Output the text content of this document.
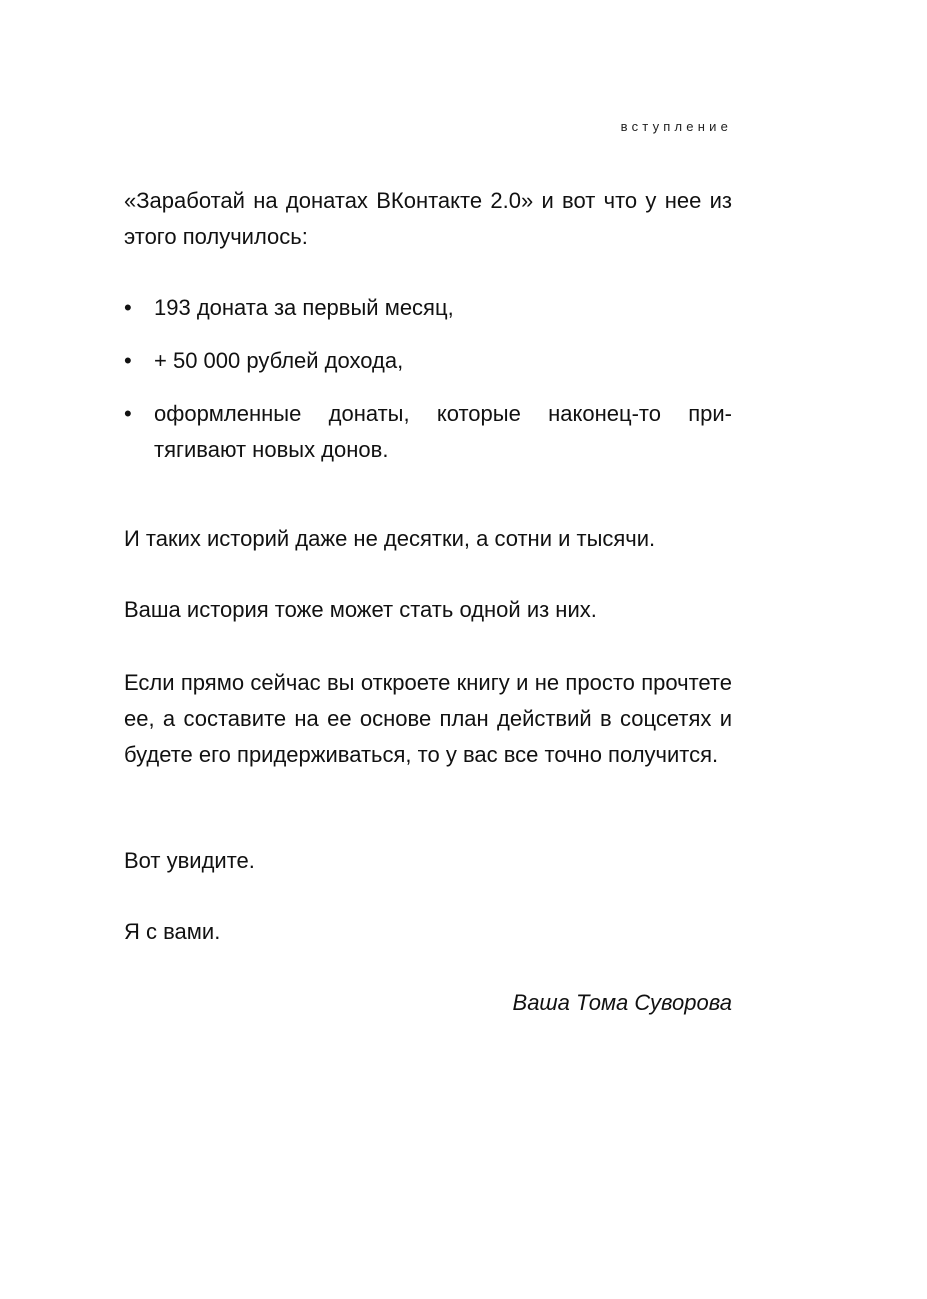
вступление
«Заработай на донатах ВКонтакте 2.0» и вот что у нее из этого получилось:
• 193 доната за первый месяц,
• + 50 000 рублей дохода,
• оформленные донаты, которые наконец-то притягивают новых донов.
И таких историй даже не десятки, а сотни и тысячи.
Ваша история тоже может стать одной из них.
Если прямо сейчас вы откроете книгу и не просто прочтете ее, а составите на ее основе план действий в соцсетях и будете его придерживаться, то у вас все точно получится.
Вот увидите.
Я с вами.
Ваша Тома Суворова
